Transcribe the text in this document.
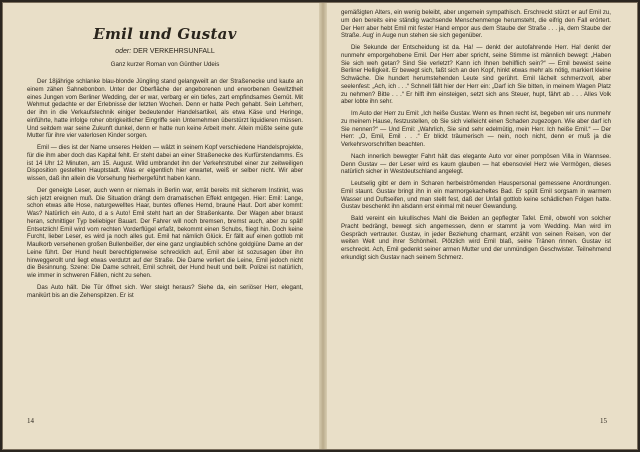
Emil und Gustav
oder: DER VERKEHRSUNFALL
Ganz kurzer Roman von Günther Udeis

Der 18jährige schlanke blau-blonde Jüngling stand gelangweilt an der Straßenecke und kaute an einem zähen Sahnebonbon. Unter der Oberfläche der angeborenen und erworbenen Gewitztheit eines Jungen vom Berliner Wedding, der er war, verbarg er ein tiefes, zart empfindsames Gemüt. Mit Wehmut gedachte er der Erlebnisse der letzten Wochen. Denn er hatte Pech gehabt. Sein Lehrherr, der ihn in die Verkaufstechnik einiger bedeutender Handelsartikel, als etwa Käse und Heringe, einführte, hatte infolge roher obrigkeitlicher Eingriffe sein Unternehmen überstürzt liquidieren müssen. Und seitdem war seine Zukunft dunkel, denn er hatte nun keine Arbeit mehr. Allein müßte seine gute Mutter für ihre vier vaterlosen Kinder sorgen.

Emil — dies ist der Name unseres Helden — wälzt in seinem Kopf verschiedene Handelsprojekte, für die ihm aber doch das Kapital fehlt. Er steht dabei an einer Straßenecke des Kurfürstendamms. Es ist 14 Uhr 12 Minuten, am 15. August. Wild umbrandet ihn der Verkehrstrubel einer zur zeitweiligen Disposition gestellten Hauptstadt. Was er eigentlich hier erwartet, weiß er selber nicht. Wir aber wissen, daß ihn allein die Vorsehung hierhergeführt haben kann.

Der geneigte Leser, auch wenn er niemals in Berlin war, errät bereits mit sicherem Instinkt, was sich jetzt ereignen muß. Die Situation drängt dem dramatischen Effekt entgegen. Hier: Emil: Lange, schon etwas alte Hose, naturgewelltes Haar, buntes offenes Hemd, braune Haut. Dort aber kommt: Was? Natürlich ein Auto, d a s Auto! Emil steht hart an der Straßenkante. Der Wagen aber braust heran, schnittiger Typ beliebiger Bauart. Der Fahrer will noch bremsen, bremst auch, aber zu spät! Entsetzlich! Emil wird vom rechten Vorderflügel erfaßt, bekommt einen Schubs, fliegt hin. Doch keine Furcht, lieber Leser, es wird ja noch alles gut. Emil hat nämlich Glück. Er fällt auf einen gottlob mit Maulkorb versehenen großen Bullenbeißer, der eine ganz unglaublich schöne goldgiüne Dame an der Leine führt. Der Hund heult berechtigterweise schrecklich auf, Emil aber ist sozusagen über ihn hinweggerollt und liegt etwas verdutzt auf der Straße. Die Dame verliert die Leine, Emil jedoch nicht die Besinnung. Szene: Die Dame schreit, Emil schreit, der Hund heult und bellt. Polizei ist natürlich, wie immer in schweren Fällen, nicht zu sehen.

Das Auto hält. Die Tür öffnet sich. Wer steigt heraus? Siehe da, ein seriöser Herr, elegant, manikürt bis an die Zehenspitzen. Er ist

14

gemäßigten Alters, ein wenig beleibt, aber ungemein sympathisch. Erschreckt stürzt er auf Emil zu, um den bereits eine ständig wachsende Menschenmenge herumsteht, die eifrig den Fall erörtert. Der Herr aber hebt Emil mit fester Hand empor aus dem Staube der Straße . . . ja, dem Staube der Straße. Aug' in Auge nun stehen sie sich gegenüber.

Die Sekunde der Entscheidung ist da. Ha! — denkt der autofahrende Herr. Ha! denkt der nunmehr emporgehobene Emil. Der Herr aber spricht, seine Stimme ist männlich bewegt: „Haben Sie sich weh getan? Sind Sie verletzt? Kann ich Ihnen behilflich sein?“ — Emil beweist seine Berliner Helligkeit. Er bewegt sich, faßt sich an den Kopf, hinkt etwas mehr als nötig, markiert kleine Schwäche. Die hundert herumstehenden Leute sind gerührt. Emil lächelt schmerzvoll, aber seelenfest: „Ach, ich . . .“ Schnell fällt hier der Herr ein: „Darf ich Sie bitten, in meinem Wagen Platz zu nehmen? Bitte . . .“ Er hilft ihm einsteigen, setzt sich ans Steuer, hupt, fährt ab . . . Alles Volk aber lobte ihn sehr.

Im Auto der Herr zu Emil: „Ich heiße Gustav. Wenn es Ihnen recht ist, begeben wir uns nunmehr zu meinem Hause, festzustellen, ob Sie sich vielleicht einen Schaden zugezogen. Wie aber darf ich Sie nennen?“ — Und Emil: „Wahrlich, Sie sind sehr edelmütig, mein Herr. Ich heiße Emil.“ — Der Herr: „O, Emil, Emil . . .“ Er blickt träumerisch — nein, noch nicht, denn er muß ja die Verkehrsvorschriften beachten.

Nach innerlich bewegter Fahrt hält das elegante Auto vor einer pompösen Villa in Wannsee. Denn Gustav — der Leser wird es kaum glauben — hat ebensoviel Herz wie Vermögen, dieses natürlich sicher in Westdeutschland angelegt.

Leutselig gibt er dem in Scharen herbeiströmenden Hauspersonal gemessene Anordnungen. Emil staunt. Gustav bringt ihn in ein marmorgekacheltes Bad. Er spült Emil sorgsam in warmem Wasser und Duftseifen, und man stellt fest, daß der Unfall gottlob keine schädlichen Folgen hatte. Gustav beschenkt ihn alsdann erst einmal mit neuer Gewandung.

Bald vereint ein lukullisches Mahl die Beiden an gepflegter Tafel. Emil, obwohl von solcher Pracht bedrängt, bewegt sich angemessen, denn er stammt ja vom Wedding. Man wird im Gespräch vertrauter. Gustav, in jeder Beziehung charmant, erzählt von seinen Reisen, von der weiten Welt und ihrer Schönheit. Plötzlich wird Emil blaß, seine Tränen rinnen. Gustav ist erschreckt. Ach, Emil gedenkt seiner armen Mutter und der unmündigen Geschwister. Teilnehmend erkundigt sich Gustav nach seinem Schmerz.

15
